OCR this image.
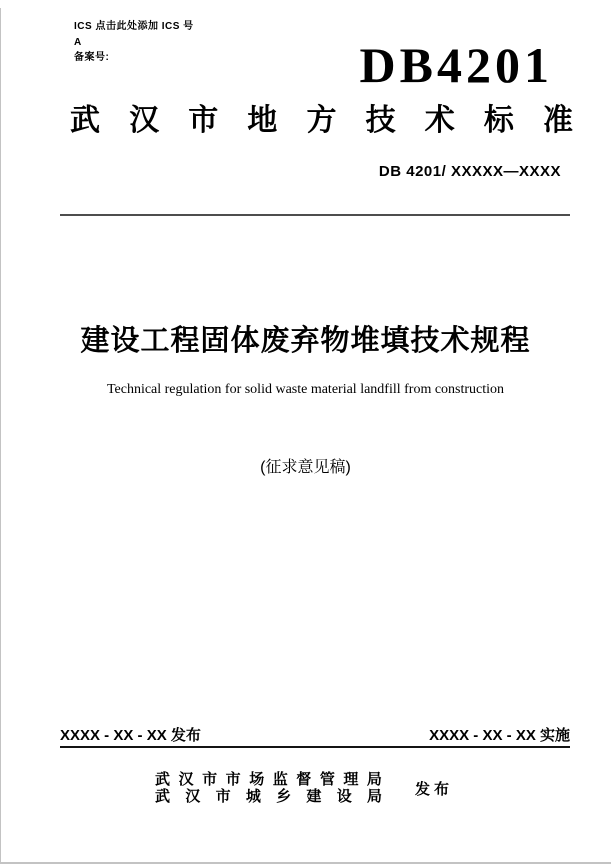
ICS 点击此处添加 ICS 号
A
备案号:	DB4201
武 汉 市 地 方 技 术 标 准
DB 4201/ XXXXX—XXXX
建设工程固体废弃物堆填技术规程
Technical regulation for solid waste material landfill from construction
(征求意见稿)
XXXX - XX - XX 发布	XXXX - XX - XX 实施
武 汉 市 市 场 监 督 管 理 局
武 汉 市 城 乡 建 设 局 发布
